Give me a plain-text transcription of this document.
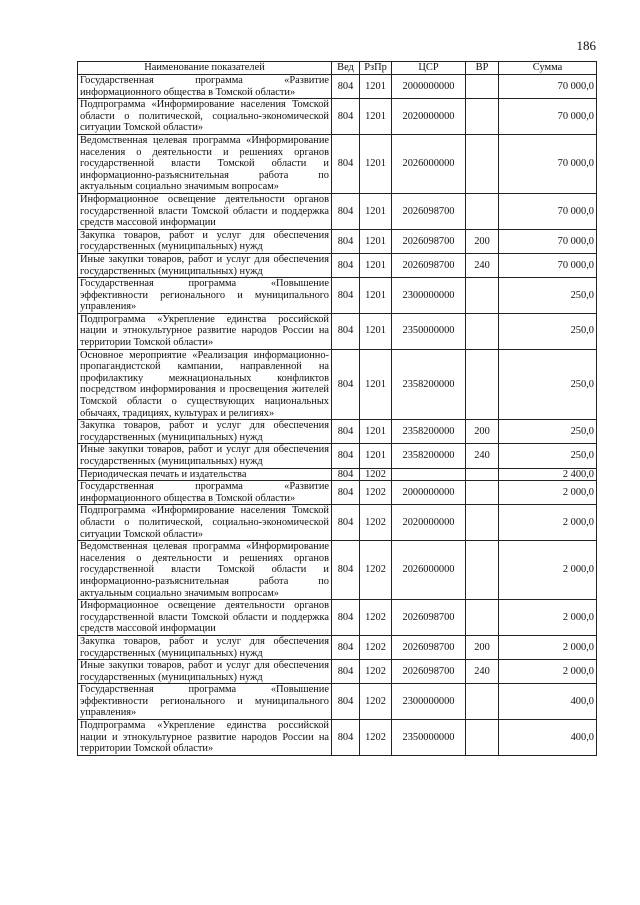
186
Наименование показателей	Вед	РзПр	ЦСР	ВР	Сумма
Государственная программа «Развитие информационного общества в Томской области»	804	1201	2000000000		70 000,0
Подпрограмма «Информирование населения Томской области о политической, социально-экономической ситуации Томской области»	804	1201	2020000000		70 000,0
Ведомственная целевая программа «Информирование населения о деятельности и решениях органов государственной власти Томской области и информационно-разъяснительная работа по актуальным социально значимым вопросам»	804	1201	2026000000		70 000,0
Информационное освещение деятельности органов государственной власти Томской области и поддержка средств массовой информации	804	1201	2026098700		70 000,0
Закупка товаров, работ и услуг для обеспечения государственных (муниципальных) нужд	804	1201	2026098700	200	70 000,0
Иные закупки товаров, работ и услуг для обеспечения государственных (муниципальных) нужд	804	1201	2026098700	240	70 000,0
Государственная программа «Повышение эффективности регионального и муниципального управления»	804	1201	2300000000		250,0
Подпрограмма «Укрепление единства российской нации и этнокультурное развитие народов России на территории Томской области»	804	1201	2350000000		250,0
Основное мероприятие «Реализация информационно-пропагандистской кампании, направленной на профилактику межнациональных конфликтов посредством информирования и просвещения жителей Томской области о существующих национальных обычаях, традициях, культурах и религиях»	804	1201	2358200000		250,0
Закупка товаров, работ и услуг для обеспечения государственных (муниципальных) нужд	804	1201	2358200000	200	250,0
Иные закупки товаров, работ и услуг для обеспечения государственных (муниципальных) нужд	804	1201	2358200000	240	250,0
Периодическая печать и издательства	804	1202			2 400,0
Государственная программа «Развитие информационного общества в Томской области»	804	1202	2000000000		2 000,0
Подпрограмма «Информирование населения Томской области о политической, социально-экономической ситуации Томской области»	804	1202	2020000000		2 000,0
Ведомственная целевая программа «Информирование населения о деятельности и решениях органов государственной власти Томской области и информационно-разъяснительная работа по актуальным социально значимым вопросам»	804	1202	2026000000		2 000,0
Информационное освещение деятельности органов государственной власти Томской области и поддержка средств массовой информации	804	1202	2026098700		2 000,0
Закупка товаров, работ и услуг для обеспечения государственных (муниципальных) нужд	804	1202	2026098700	200	2 000,0
Иные закупки товаров, работ и услуг для обеспечения государственных (муниципальных) нужд	804	1202	2026098700	240	2 000,0
Государственная программа «Повышение эффективности регионального и муниципального управления»	804	1202	2300000000		400,0
Подпрограмма «Укрепление единства российской нации и этнокультурное развитие народов России на территории Томской области»	804	1202	2350000000		400,0
